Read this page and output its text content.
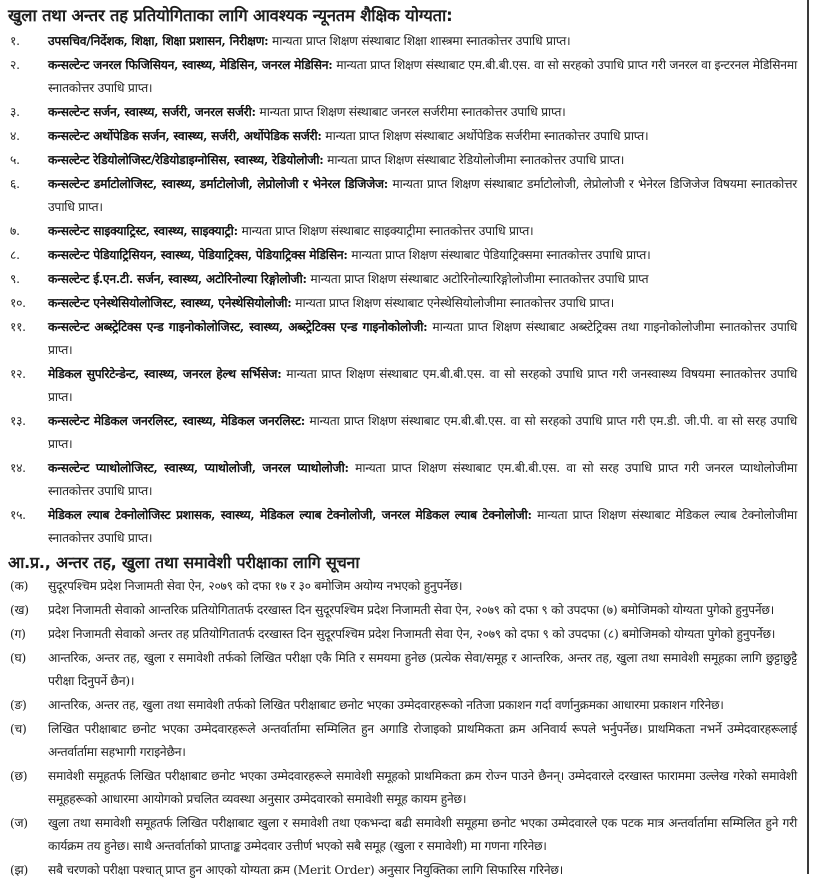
खुला तथा अन्तर तह प्रतियोगिताका लागि आवश्यक न्यूनतम शैक्षिक योग्यता:
१.	उपसचिव/निर्देशक, शिक्षा, शिक्षा प्रशासन, निरीक्षण: मान्यता प्राप्त शिक्षण संस्थाबाट शिक्षा शास्त्रमा स्नातकोत्तर उपाधि प्राप्त।
२.	कन्सल्टेन्ट जनरल फिजिसियन, स्वास्थ्य, मेडिसिन, जनरल मेडिसिन: मान्यता प्राप्त शिक्षण संस्थाबाट एम.बी.बी.एस. वा सो सरहको उपाधि प्राप्त गरी जनरल वा इन्टरनल मेडिसिनमा स्नातकोत्तर उपाधि प्राप्त।
३.	कन्सल्टेन्ट सर्जन, स्वास्थ्य, सर्जरी, जनरल सर्जरी: मान्यता प्राप्त शिक्षण संस्थाबाट जनरल सर्जरीमा स्नातकोत्तर उपाधि प्राप्त।
४.	कन्सल्टेन्ट अर्थोपेडिक सर्जन, स्वास्थ्य, सर्जरी, अर्थोपेडिक सर्जरी: मान्यता प्राप्त शिक्षण संस्थाबाट अर्थोपेडिक सर्जरीमा स्नातकोत्तर उपाधि प्राप्त।
५.	कन्सल्टेन्ट रेडियोलोजिस्ट/रेडियोडाइग्नोसिस, स्वास्थ्य, रेडियोलोजी: मान्यता प्राप्त शिक्षण संस्थाबाट रेडियोलोजीमा स्नातकोत्तर उपाधि प्राप्त।
६.	कन्सल्टेन्ट डर्माटोलोजिस्ट, स्वास्थ्य, डर्माटोलोजी, लेप्रोलोजी र भेनेरल डिजिजेज: मान्यता प्राप्त शिक्षण संस्थाबाट डर्माटोलोजी, लेप्रोलोजी र भेनेरल डिजिजेज विषयमा स्नातकोत्तर उपाधि प्राप्त।
७.	कन्सल्टेन्ट साइक्याट्रिस्ट, स्वास्थ्य, साइक्याट्री: मान्यता प्राप्त शिक्षण संस्थाबाट साइक्याट्रीमा स्नातकोत्तर उपाधि प्राप्त।
८.	कन्सल्टेन्ट पेडियाट्रिसियन, स्वास्थ्य, पेडियाट्रिक्स, पेडियाट्रिक्स मेडिसिन: मान्यता प्राप्त शिक्षण संस्थाबाट पेडियाट्रिक्समा स्नातकोत्तर उपाधि प्राप्त।
९.	कन्सल्टेन्ट ई.एन.टी. सर्जन, स्वास्थ्य, अटोरिनोल्या रिङ्गोलोजी: मान्यता प्राप्त शिक्षण संस्थाबाट अटोरिनोल्यारिङ्गोलोजीमा स्नातकोत्तर उपाधि प्राप्त
१०.	कन्सल्टेन्ट एनेस्थेसियोलोजिस्ट, स्वास्थ्य, एनेस्थेसियोलोजी: मान्यता प्राप्त शिक्षण संस्थाबाट एनेस्थेसियोलोजीमा स्नातकोत्तर उपाधि प्राप्त।
११.	कन्सल्टेन्ट अब्स्ट्रेटिक्स एन्ड गाइनोकोलोजिस्ट, स्वास्थ्य, अब्स्ट्रेटिक्स एन्ड गाइनोकोलोजी: मान्यता प्राप्त शिक्षण संस्थाबाट अब्स्टेट्रिक्स तथा गाइनोकोलोजीमा स्नातकोत्तर उपाधि प्राप्त।
१२.	मेडिकल सुपरिटेन्डेन्ट, स्वास्थ्य, जनरल हेल्थ सर्भिसेज: मान्यता प्राप्त शिक्षण संस्थाबाट एम.बी.बी.एस. वा सो सरहको उपाधि प्राप्त गरी जनस्वास्थ्य विषयमा स्नातकोत्तर उपाधि प्राप्त।
१३.	कन्सल्टेन्ट मेडिकल जनरलिस्ट, स्वास्थ्य, मेडिकल जनरलिस्ट: मान्यता प्राप्त शिक्षण संस्थाबाट एम.बी.बी.एस. वा सो सरहको उपाधि प्राप्त गरी एम.डी. जी.पी. वा सो सरह उपाधि प्राप्त।
१४.	कन्सल्टेन्ट प्याथोलोजिस्ट, स्वास्थ्य, प्याथोलोजी, जनरल प्याथोलोजी: मान्यता प्राप्त शिक्षण संस्थाबाट एम.बी.बी.एस. वा सो सरह उपाधि प्राप्त गरी जनरल प्याथोलोजीमा स्नातकोत्तर उपाधि प्राप्त।
१५.	मेडिकल ल्याब टेक्नोलोजिस्ट प्रशासक, स्वास्थ्य, मेडिकल ल्याब टेक्नोलोजी, जनरल मेडिकल ल्याब टेक्नोलोजी: मान्यता प्राप्त शिक्षण संस्थाबाट मेडिकल ल्याब टेक्नोलोजीमा स्नातकोत्तर उपाधि प्राप्त।
आ.प्र., अन्तर तह, खुला तथा समावेशी परीक्षाका लागि सूचना
(क)	सुदूरपश्चिम प्रदेश निजामती सेवा ऐन, २०७९ को दफा १७ र ३० बमोजिम अयोग्य नभएको हुनुपर्नेछ।
(ख)	प्रदेश निजामती सेवाको आन्तरिक प्रतियोगितातर्फ दरखास्त दिन सुदूरपश्चिम प्रदेश निजामती सेवा ऐन, २०७९ को दफा ९ को उपदफा (७) बमोजिमको योग्यता पुगेको हुनुपर्नेछ।
(ग)	प्रदेश निजामती सेवाको अन्तर तह प्रतियोगितातर्फ दरखास्त दिन सुदूरपश्चिम प्रदेश निजामती सेवा ऐन, २०७९ को दफा ९ को उपदफा (८) बमोजिमको योग्यता पुगेको हुनुपर्नेछ।
(घ)	आन्तरिक, अन्तर तह, खुला र समावेशी तर्फको लिखित परीक्षा एकै मिति र समयमा हुनेछ (प्रत्येक सेवा/समूह र आन्तरिक, अन्तर तह, खुला तथा समावेशी समूहका लागि छुट्टाछुट्टै परीक्षा दिनुपर्ने छैन)।
(ङ)	आन्तरिक, अन्तर तह, खुला तथा समावेशी तर्फको लिखित परीक्षाबाट छनोट भएका उम्मेदवारहरूको नतिजा प्रकाशन गर्दा वर्णानुक्रमका आधारमा प्रकाशन गरिनेछ।
(च)	लिखित परीक्षाबाट छनोट भएका उम्मेदवारहरूले अन्तर्वार्तामा सम्मिलित हुन अगाडि रोजाइको प्राथमिकता क्रम अनिवार्य रूपले भर्नुपर्नेछ। प्राथमिकता नभर्ने उम्मेदवारहरूलाई अन्तर्वार्तामा सहभागी गराइनेछैन।
(छ)	समावेशी समूहतर्फ लिखित परीक्षाबाट छनोट भएका उम्मेदवारहरूले समावेशी समूहको प्राथमिकता क्रम रोज्न पाउने छैनन्। उम्मेदवारले दरखास्त फाराममा उल्लेख गरेको समावेशी समूहहरूको आधारमा आयोगको प्रचलित व्यवस्था अनुसार उम्मेदवारको समावेशी समूह कायम हुनेछ।
(ज)	खुला तथा समावेशी समूहतर्फ लिखित परीक्षाबाट खुला र समावेशी तथा एकभन्दा बढी समावेशी समूहमा छनोट भएका उम्मेदवारले एक पटक मात्र अन्तर्वार्तामा सम्मिलित हुने गरी कार्यक्रम तय हुनेछ। साथै अन्तर्वार्ताको प्राप्ताङ्क उम्मेदवार उत्तीर्ण भएको सबै समूह (खुला र समावेशी) मा गणना गरिनेछ।
(झ)	सबै चरणको परीक्षा पश्चात् प्राप्त हुन आएको योग्यता क्रम (Merit Order) अनुसार नियुक्तिका लागि सिफारिस गरिनेछ।
